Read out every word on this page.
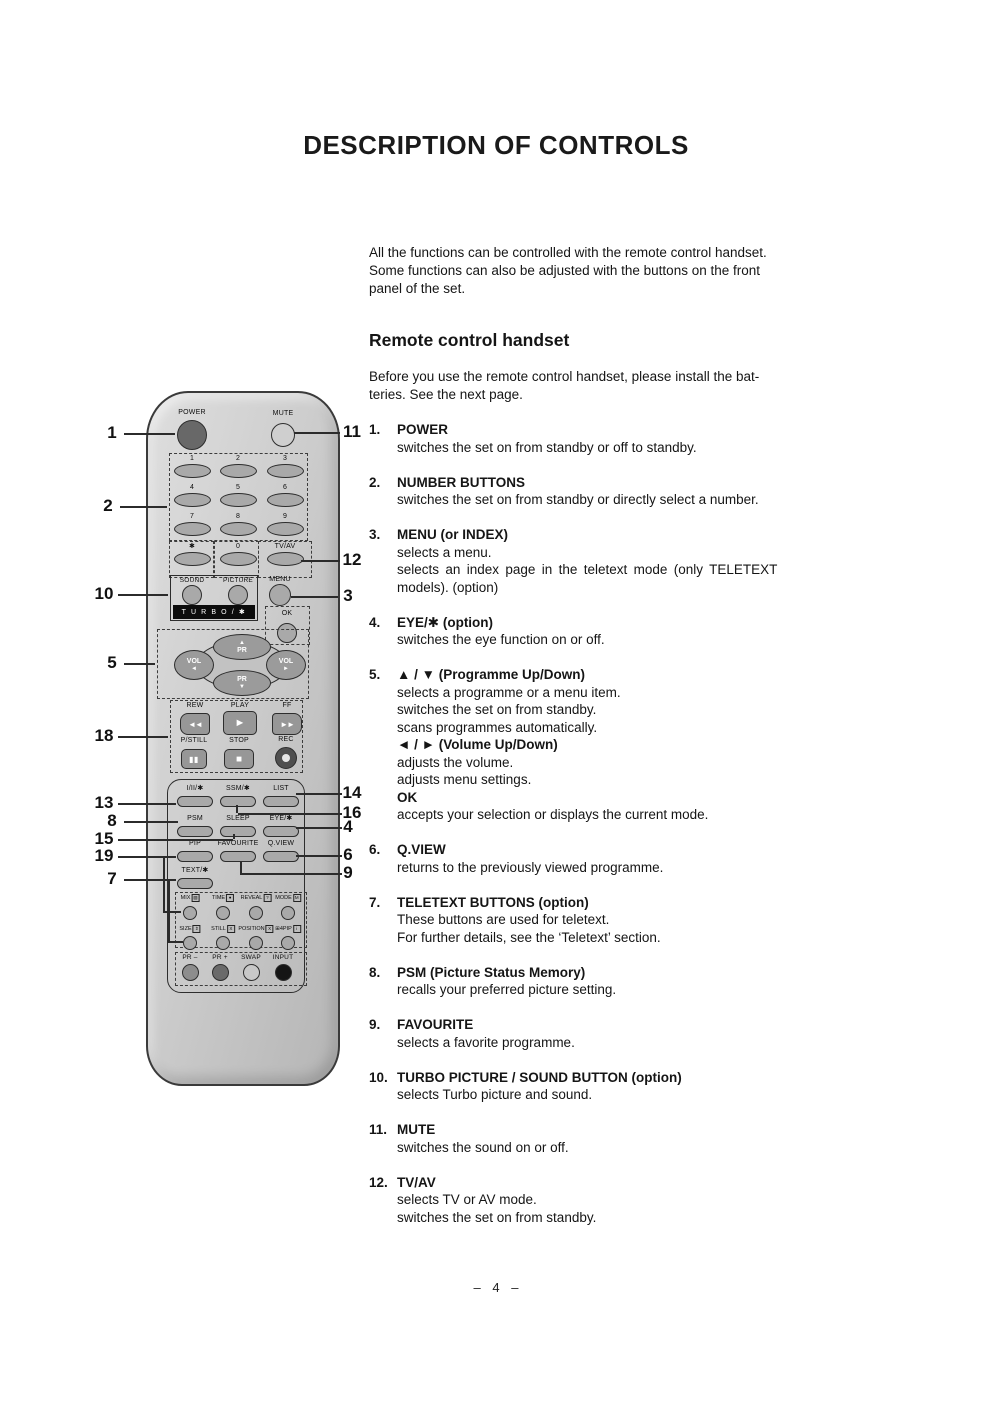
DESCRIPTION OF CONTROLS
All the functions can be controlled with the remote control handset.
Some functions can also be adjusted with the buttons on the front
panel of the set.
Remote control handset
Before you use the remote control handset, please install the bat-
teries. See the next page.
1.	POWER
switches the set on from standby or off to standby.
2.	NUMBER BUTTONS
switches the set on from standby or directly select a number.
3.	MENU (or INDEX)
selects a menu.
selects an index page in the teletext mode (only TELETEXT
models). (option)
4.	EYE/✱ (option)
switches the eye function on or off.
5.	▲ / ▼ (Programme Up/Down)
selects a programme or a menu item.
switches the set on from standby.
scans programmes automatically.
◄ / ► (Volume Up/Down)
adjusts the volume.
adjusts menu settings.
OK
accepts your selection or displays the current mode.
6.	Q.VIEW
returns to the previously viewed programme.
7.	TELETEXT BUTTONS (option)
These buttons are used for teletext.
For further details, see the ‘Teletext’ section.
8.	PSM (Picture Status Memory)
recalls your preferred picture setting.
9.	FAVOURITE
selects a favorite programme.
10. TURBO PICTURE / SOUND BUTTON (option)
selects Turbo picture and sound.
11. MUTE
switches the sound on or off.
12. TV/AV
selects TV or AV mode.
switches the set on from standby.
POWER	MUTE
SOUND	PICTURE
T U R B O / ✱
MENU
OK
▲
PR
PR
▼
VOL
◄
VOL
►
REW	PLAY	FF
◄◄	►	►►
P/STILL	STOP	REC
▮▮	■
TEXT/✱
1	2	3
4	5	6
7	8	9
✱	0	TV/AV
I/II/✱	SSM/✱	LIST
PSM	SLEEP	EYE/✱
PIP FAVOURITE Q.VIEW
MIX ▨	TIME ●	REVEAL ?	MODE M
SIZE ⇕	STILL X	POSITION X ⊞4PIP	i
PR – PR + SWAP INPUT
– 4 –
1
2
10
5
18
13
8
15
19
7
11
12
3
14
16
4
6
9
